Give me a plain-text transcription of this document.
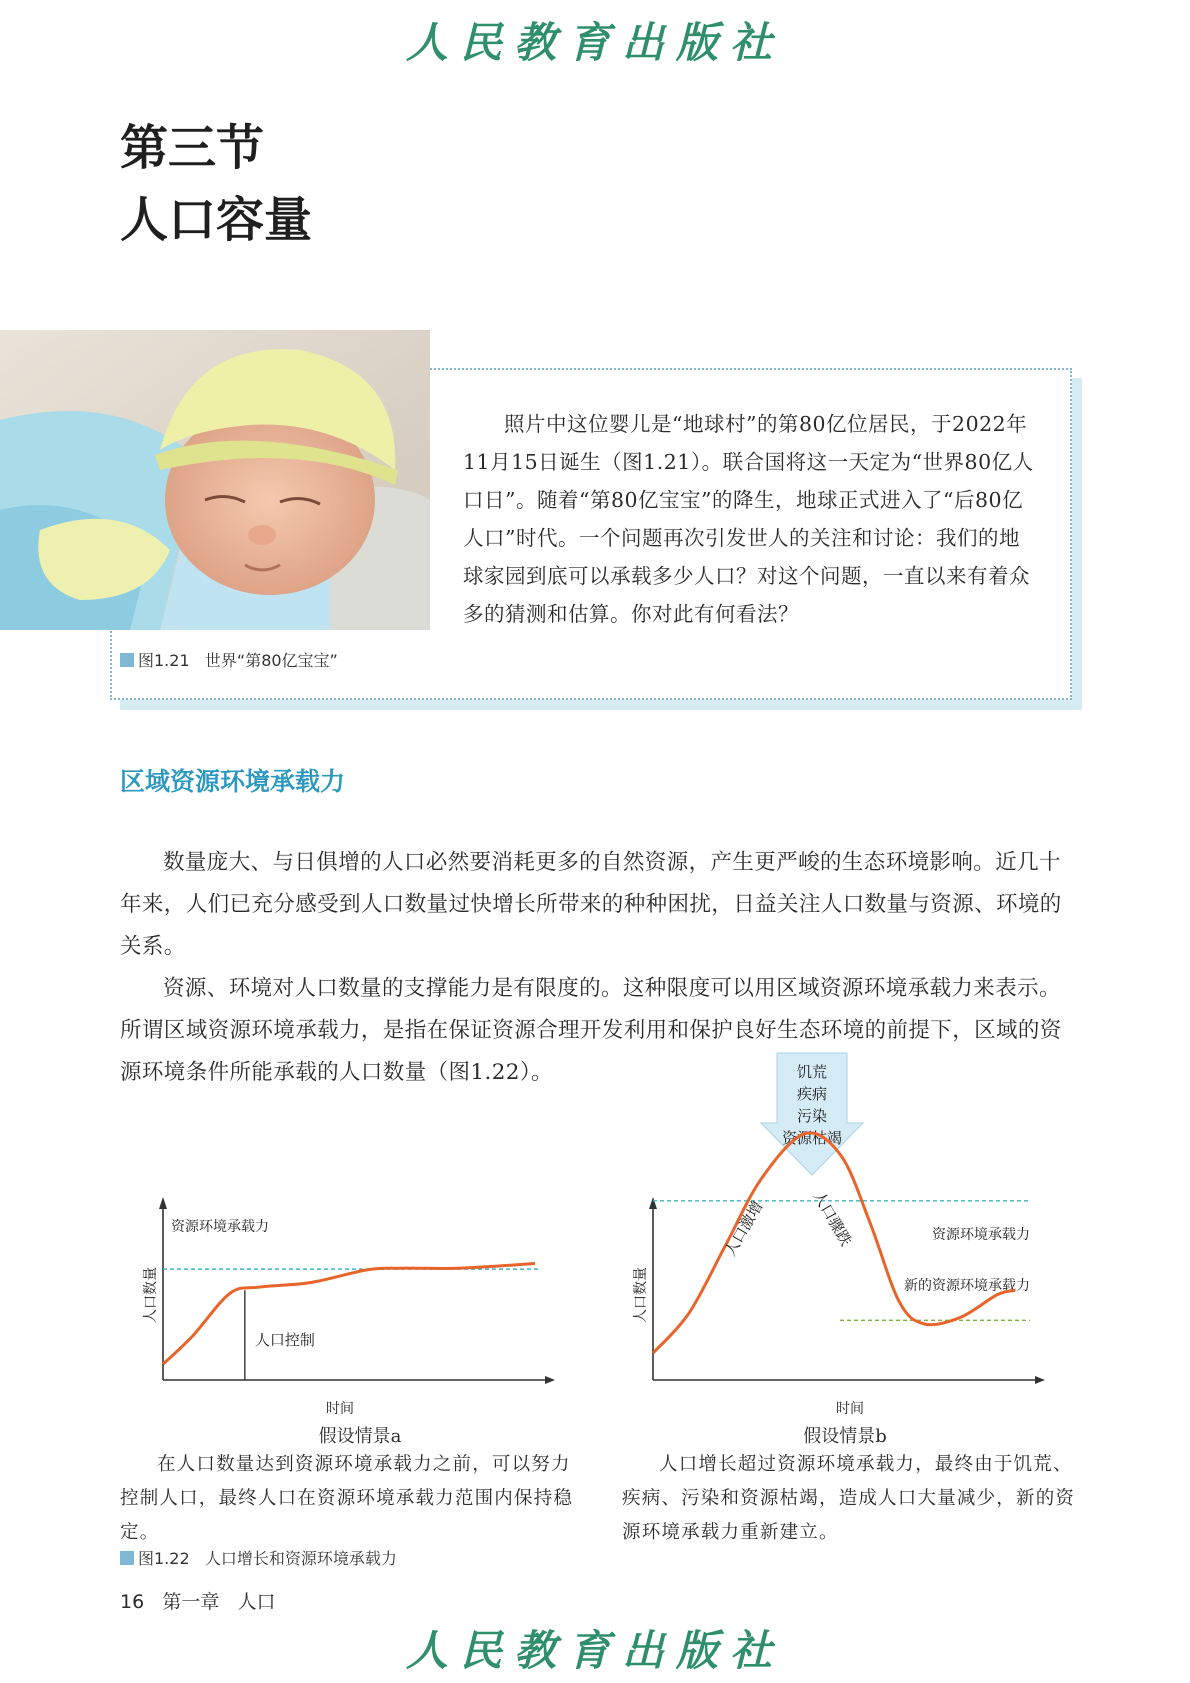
人民教育出版社
第三节
人口容量
图1.21 世界“第80亿宝宝”
照片中这位婴儿是“地球村”的第80亿位居民，于2022年11月15日诞生（图1.21）。联合国将这一天定为“世界80亿人口日”。随着“第80亿宝宝”的降生，地球正式进入了“后80亿人口”时代。一个问题再次引发世人的关注和讨论：我们的地球家园到底可以承载多少人口？对这个问题，一直以来有着众多的猜测和估算。你对此有何看法？
区域资源环境承载力
数量庞大、与日俱增的人口必然要消耗更多的自然资源，产生更严峻的生态环境影响。近几十年来，人们已充分感受到人口数量过快增长所带来的种种困扰，日益关注人口数量与资源、环境的关系。
资源、环境对人口数量的支撑能力是有限度的。这种限度可以用区域资源环境承载力来表示。所谓区域资源环境承载力，是指在保证资源合理开发利用和保护良好生态环境的前提下，区域的资源环境条件所能承载的人口数量（图1.22）。
资源环境承载力
人口控制
人口数量
时间
饥荒
疾病
污染
资源枯竭
资源环境承载力
新的资源环境承载力
人口激增	人口骤跌
人口数量
时间
假设情景a	假设情景b
在人口数量达到资源环境承载力之前，可以努力控制人口，最终人口在资源环境承载力范围内保持稳定。
人口增长超过资源环境承载力，最终由于饥荒、疾病、污染和资源枯竭，造成人口大量减少，新的资源环境承载力重新建立。
图1.22 人口增长和资源环境承载力
16 第一章 人口
人民教育出版社
